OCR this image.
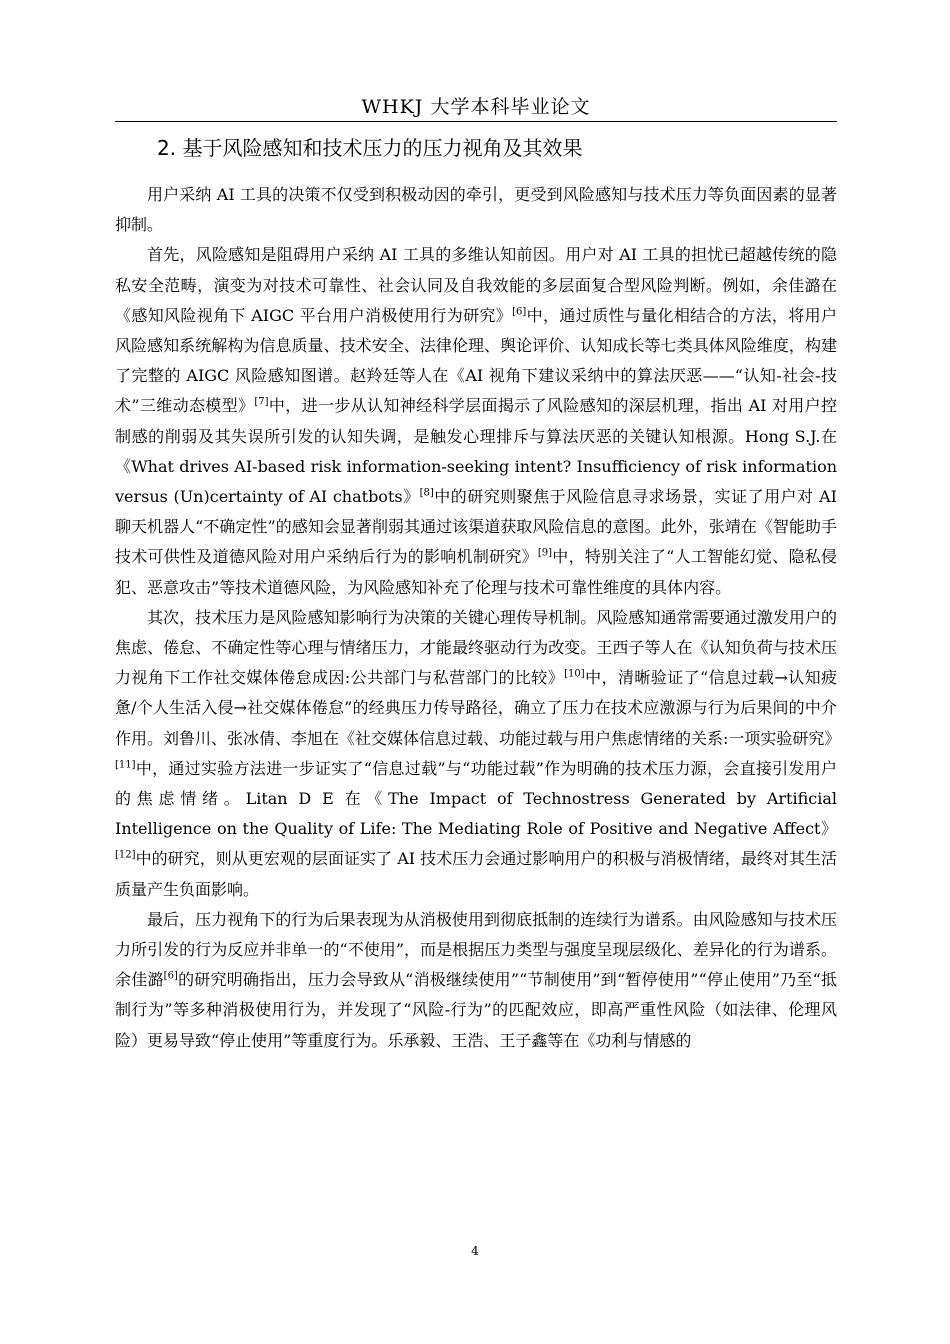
WHKJ 大学本科毕业论文
2. 基于风险感知和技术压力的压力视角及其效果

用户采纳 AI 工具的决策不仅受到积极动因的牵引，更受到风险感知与技术压力等负面因素的显著抑制。

首先，风险感知是阻碍用户采纳 AI 工具的多维认知前因。用户对 AI 工具的担忧已超越传统的隐私安全范畴，演变为对技术可靠性、社会认同及自我效能的多层面复合型风险判断。例如，余佳潞在《感知风险视角下 AIGC 平台用户消极使用行为研究》[6]中，通过质性与量化相结合的方法，将用户风险感知系统解构为信息质量、技术安全、法律伦理、舆论评价、认知成长等七类具体风险维度，构建了完整的 AIGC 风险感知图谱。赵羚廷等人在《AI 视角下建议采纳中的算法厌恶——“认知-社会-技术”三维动态模型》[7]中，进一步从认知神经科学层面揭示了风险感知的深层机理，指出 AI 对用户控制感的削弱及其失误所引发的认知失调，是触发心理排斥与算法厌恶的关键认知根源。Hong S.J.在《What drives AI-based risk information-seeking intent? Insufficiency of risk information versus (Un)certainty of AI chatbots》[8]中的研究则聚焦于风险信息寻求场景，实证了用户对 AI 聊天机器人“不确定性”的感知会显著削弱其通过该渠道获取风险信息的意图。此外，张靖在《智能助手技术可供性及道德风险对用户采纳后行为的影响机制研究》[9]中，特别关注了“人工智能幻觉、隐私侵犯、恶意攻击”等技术道德风险，为风险感知补充了伦理与技术可靠性维度的具体内容。

其次，技术压力是风险感知影响行为决策的关键心理传导机制。风险感知通常需要通过激发用户的焦虑、倦怠、不确定性等心理与情绪压力，才能最终驱动行为改变。王西子等人在《认知负荷与技术压力视角下工作社交媒体倦怠成因:公共部门与私营部门的比较》[10]中，清晰验证了“信息过载→认知疲惫/个人生活入侵→社交媒体倦怠”的经典压力传导路径，确立了压力在技术应激源与行为后果间的中介作用。刘鲁川、张冰倩、李旭在《社交媒体信息过载、功能过载与用户焦虑情绪的关系:一项实验研究》[11]中，通过实验方法进一步证实了“信息过载”与“功能过载”作为明确的技术压力源，会直接引发用户的焦虑情绪。Litan D E 在《The Impact of Technostress Generated by Artificial Intelligence on the Quality of Life: The Mediating Role of Positive and Negative Affect》[12]中的研究，则从更宏观的层面证实了 AI 技术压力会通过影响用户的积极与消极情绪，最终对其生活质量产生负面影响。

最后，压力视角下的行为后果表现为从消极使用到彻底抵制的连续行为谱系。由风险感知与技术压力所引发的行为反应并非单一的“不使用”，而是根据压力类型与强度呈现层级化、差异化的行为谱系。余佳潞[6]的研究明确指出，压力会导致从“消极继续使用”“节制使用”到“暂停使用”“停止使用”乃至“抵制行为”等多种消极使用行为，并发现了“风险-行为”的匹配效应，即高严重性风险（如法律、伦理风险）更易导致“停止使用”等重度行为。乐承毅、王浩、王子鑫等在《功利与情感的

4
